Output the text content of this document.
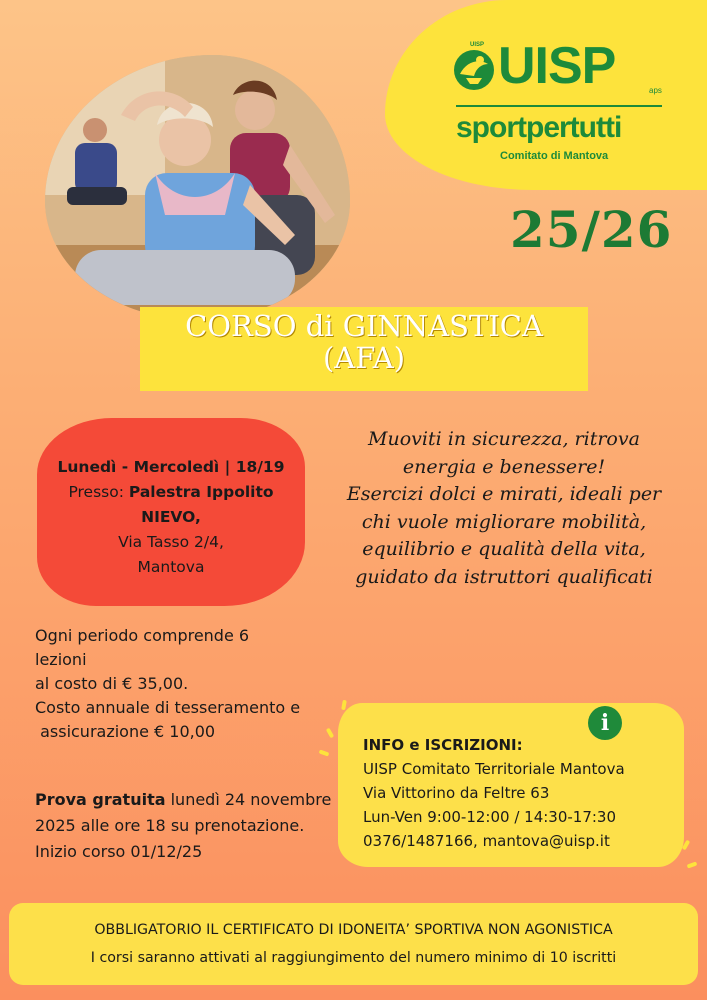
UISP UISP	aps
sportpertutti
Comitato di Mantova
25/26
CORSO di GINNASTICA
(AFA)
Lunedì - Mercoledì | 18/19
Presso: Palestra Ippolito NIEVO,
Via Tasso 2/4,
Mantova
Muoviti in sicurezza, ritrova
energia e benessere!
Esercizi dolci e mirati, ideali per
chi vuole migliorare mobilità,
equilibrio e qualità della vita,
guidato da istruttori qualificati
Ogni periodo comprende 6
lezioni
al costo di € 35,00.
Costo annuale di tesseramento e
assicurazione € 10,00
Prova gratuita lunedì 24 novembre 2025 alle ore 18 su prenotazione.
Inizio corso 01/12/25
i
INFO e ISCRIZIONI:
UISP Comitato Territoriale Mantova
Via Vittorino da Feltre 63
Lun-Ven 9:00-12:00 / 14:30-17:30
0376/1487166, mantova@uisp.it
OBBLIGATORIO IL CERTIFICATO DI IDONEITA’ SPORTIVA NON AGONISTICA
I corsi saranno attivati al raggiungimento del numero minimo di 10 iscritti
